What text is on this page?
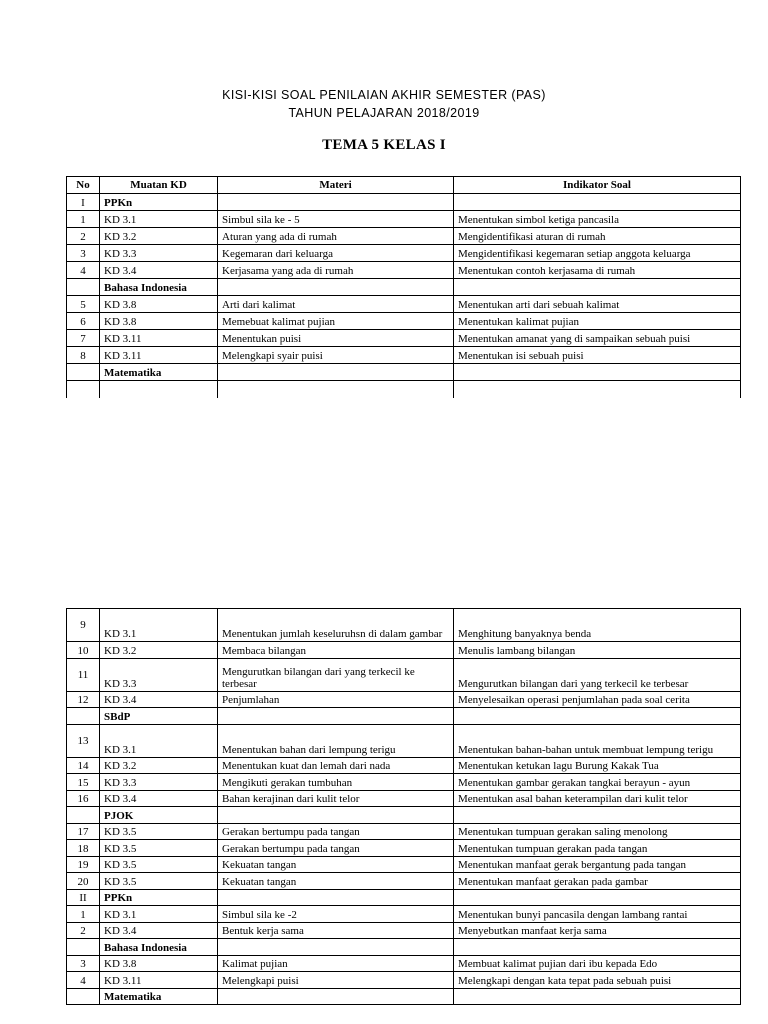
KISI-KISI SOAL PENILAIAN AKHIR SEMESTER (PAS)
TAHUN PELAJARAN 2018/2019
TEMA 5 KELAS I
No	Muatan KD	Materi	Indikator Soal
I	PPKn		
1	KD 3.1	Simbul sila ke - 5	Menentukan simbol ketiga pancasila
2	KD 3.2	Aturan yang ada di rumah	Mengidentifikasi aturan di rumah
3	KD 3.3	Kegemaran dari keluarga	Mengidentifikasi kegemaran setiap anggota keluarga
4	KD 3.4	Kerjasama yang ada di rumah	Menentukan contoh kerjasama di rumah
	Bahasa Indonesia		
5	KD 3.8	Arti dari kalimat	Menentukan arti dari sebuah kalimat
6	KD 3.8	Memebuat kalimat pujian	Menentukan kalimat pujian
7	KD 3.11	Menentukan puisi	Menentukan amanat yang di sampaikan sebuah puisi
8	KD 3.11	Melengkapi syair puisi	Menentukan isi sebuah puisi
	Matematika		

9	KD 3.1	Menentukan jumlah keseluruhsn di dalam gambar	Menghitung banyaknya benda
10	KD 3.2	Membaca bilangan	Menulis lambang bilangan
11	KD 3.3	Mengurutkan bilangan dari yang terkecil ke terbesar	Mengurutkan bilangan dari yang terkecil ke terbesar
12	KD 3.4	Penjumlahan	Menyelesaikan operasi penjumlahan pada soal cerita
	SBdP		
13	KD 3.1	Menentukan bahan dari lempung terigu	Menentukan bahan-bahan untuk membuat lempung terigu
14	KD 3.2	Menentukan kuat dan lemah dari nada	Menentukan ketukan lagu Burung Kakak Tua
15	KD 3.3	Mengikuti gerakan tumbuhan	Menentukan gambar gerakan tangkai berayun - ayun
16	KD 3.4	Bahan kerajinan dari kulit telor	Menentukan asal bahan keterampilan dari kulit telor
	PJOK		
17	KD 3.5	Gerakan bertumpu pada tangan	Menentukan tumpuan gerakan saling menolong
18	KD 3.5	Gerakan bertumpu pada tangan	Menentukan tumpuan gerakan pada tangan
19	KD 3.5	Kekuatan tangan	Menentukan manfaat gerak bergantung pada tangan
20	KD 3.5	Kekuatan tangan	Menentukan manfaat gerakan pada gambar
II	PPKn		
1	KD 3.1	Simbul sila ke -2	Menentukan bunyi pancasila dengan lambang rantai
2	KD 3.4	Bentuk kerja sama	Menyebutkan manfaat kerja sama
	Bahasa Indonesia		
3	KD 3.8	Kalimat pujian	Membuat kalimat pujian dari ibu kepada Edo
4	KD 3.11	Melengkapi puisi	Melengkapi dengan kata tepat pada sebuah puisi
	Matematika		
